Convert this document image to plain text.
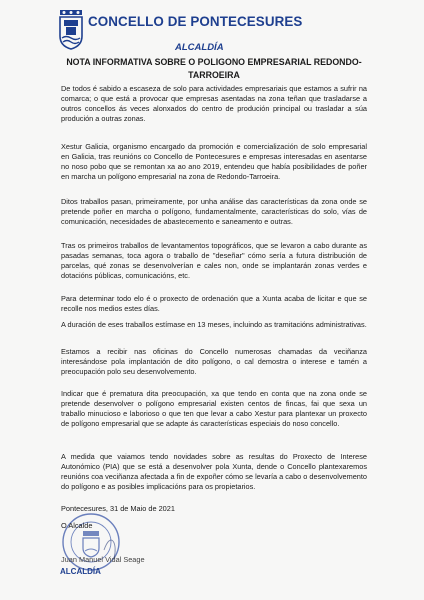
CONCELLO DE PONTECESURES
ALCALDÍA
NOTA INFORMATIVA SOBRE O POLIGONO EMPRESARIAL REDONDO-TARROEIRA
De todos é sabido a escaseza de solo para actividades empresariais que estamos a sufrir na comarca; o que está a provocar que empresas asentadas na zona teñan que trasladarse a outros concellos ás veces alonxados do centro de produción principal ou trasladar a súa produción a outras zonas.
Xestur Galicia, organismo encargado da promoción e comercialización de solo empresarial en Galicia, tras reunións co Concello de Pontecesures e empresas interesadas en asentarse no noso pobo que se remontan xa ao ano 2019, entendeu que había posibilidades de poñer en marcha un polígono empresarial na zona de Redondo-Tarroeira.
Ditos traballos pasan, primeiramente, por unha análise das características da zona onde se pretende poñer en marcha o polígono, fundamentalmente, características do solo, vías de comunicación, necesidades de abastecemento e saneamento e outras.
Tras os primeiros traballos de levantamentos topográficos, que se levaron a cabo durante as pasadas semanas, toca agora o traballo de "deseñar" cómo sería a futura distribución de parcelas, qué zonas se desenvolverían e cales non, onde se implantarán zonas verdes e dotacións públicas, comunicacións, etc.
Para determinar todo elo é o proxecto de ordenación que a Xunta acaba de licitar e que se recolle nos medios estes días.
A duración de eses traballos estímase en 13 meses, incluindo as tramitacións administrativas.
Estamos a recibir nas oficinas do Concello numerosas chamadas da veciñanza interesándose pola implantación de dito polígono, o cal demostra o interese e tamén a preocupación polo seu desenvolvemento.
Indicar que é prematura dita preocupación, xa que tendo en conta que na zona onde se pretende desenvolver o polígono empresarial existen centos de fincas, fai que sexa un traballo minucioso e laborioso o que ten que levar a cabo Xestur para plantexar un proxecto de polígono empresarial que se adapte ás características especiais do noso concello.
A medida que vaiamos tendo novidades sobre as resultas do Proxecto de Interese Autonómico (PIA) que se está a desenvolver pola Xunta, dende o Concello plantexaremos reunións coa veciñanza afectada a fin de expoñer cómo se levaría a cabo o desenvolvemento do polígono e as posibles implicacións para os propietarios.
Pontecesures, 31 de Maio de 2021
O Alcalde
Juan Manuel Vidal Seage
ALCALDÍA
